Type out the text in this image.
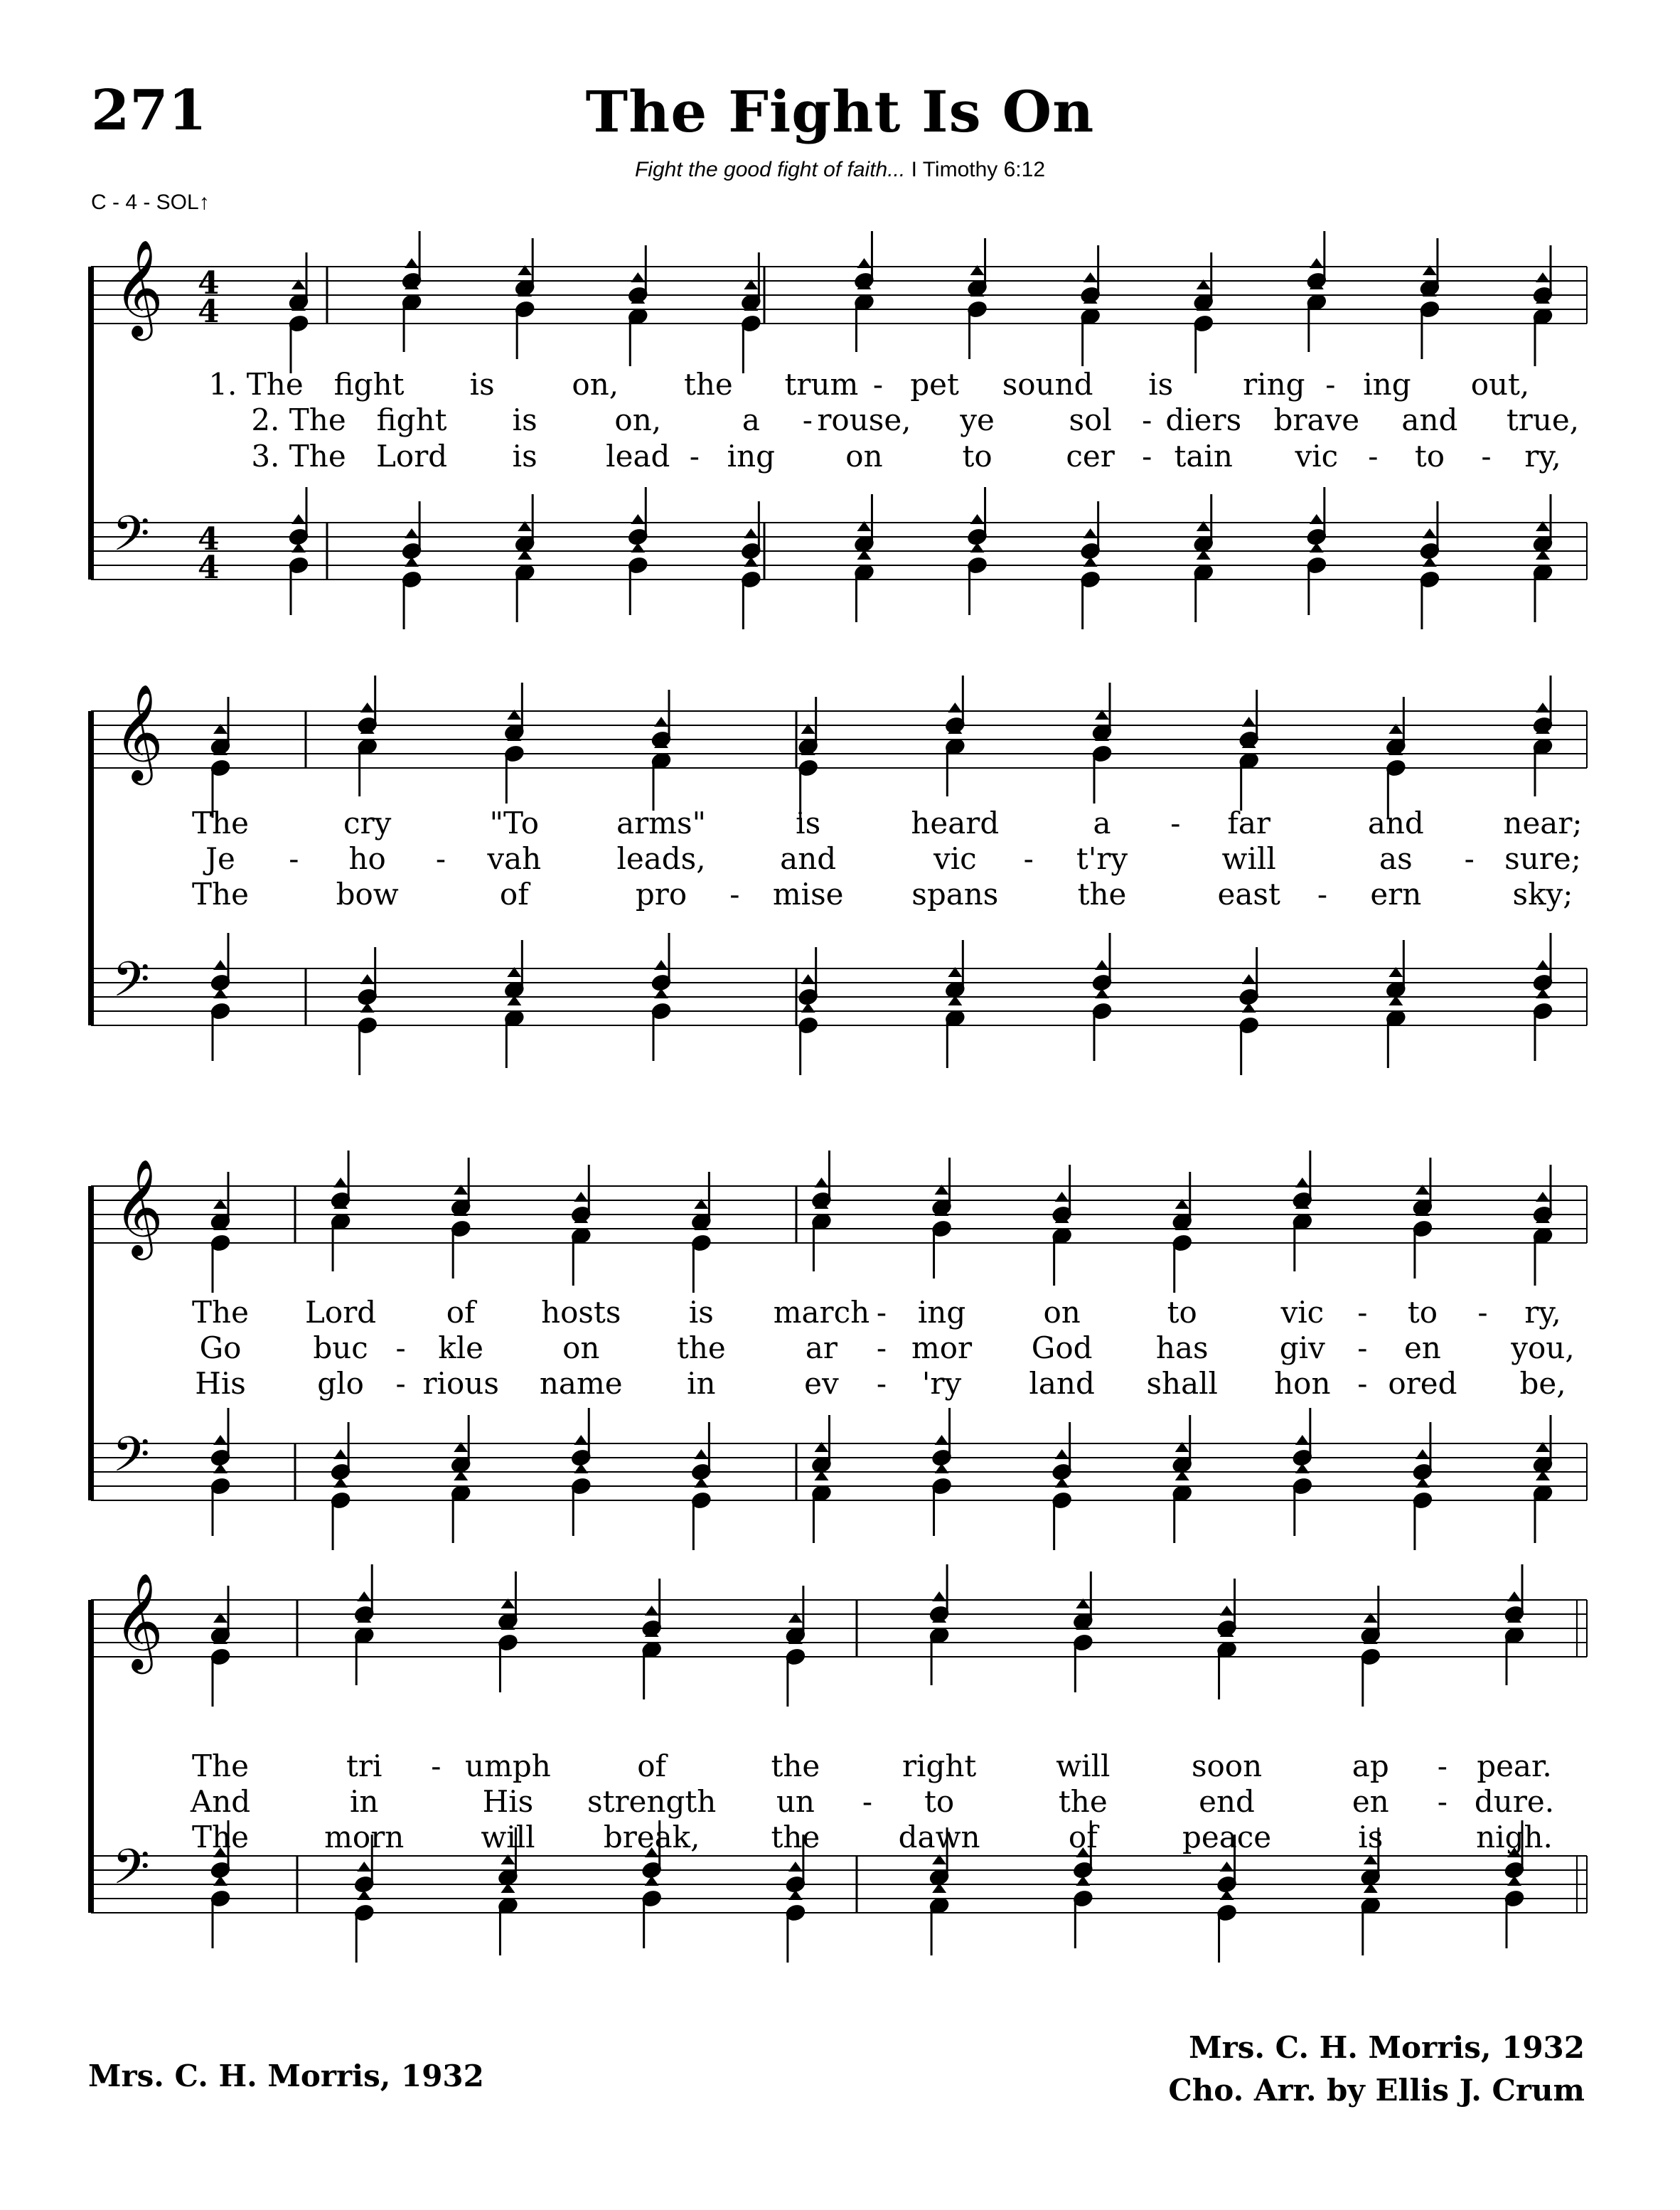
271	The Fight Is On
Fight the good fight of faith... I Timothy 6:12
C - 4 - SOL↑
𝄞
𝄢
4
4
4
4
1. The fight is	on, the trum - pet sound is ring - ing out,
2. The fight is	on,	a - rouse, ye sol - diers brave and true,
3. The Lord is lead - ing on	to cer - tain vic - to - ry,
𝄞
𝄢
The	cry	"To	arms"	is	heard	a - far	and	near;
Je - ho - vah	leads, and	vic - t'ry	will	as - sure;
The	bow	of	pro - mise spans	the	east - ern	sky;
𝄞
𝄢
The Lord of hosts is march - ing	on	to	vic - to - ry,
Go buc - kle	on	the	ar - mor God has giv - en you,
His glo - rious name in	ev - 'ry land shall hon - ored be,
𝄞
𝄢
The	tri - umph	of	the	right	will	soon	ap - pear.
And	in	His strength un - to	the	end	en - dure.
The	morn	will break, the	dawn	of	peace	is	nigh.
Mrs. C. H. Morris, 1932
Mrs. C. H. Morris, 1932
Cho. Arr. by Ellis J. Crum
